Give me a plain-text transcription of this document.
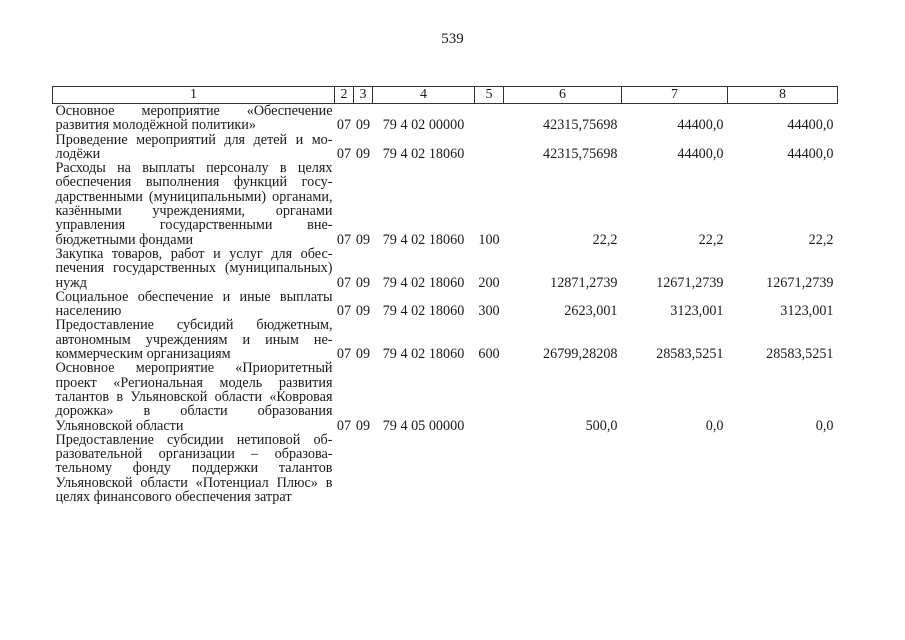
539
1	2	3	4	5	6	7	8
Основное мероприятие «Обеспечение развития молодёжной политики»	07	09	79 4 02 00000		42315,75698	44400,0	44400,0
Проведение мероприятий для детей и молодёжи	07	09	79 4 02 18060		42315,75698	44400,0	44400,0
Расходы на выплаты персоналу в целях обеспечения выполнения функций государственными (муниципальными) органами, казёнными учреждениями, органами управления государственными внебюджетными фондами	07	09	79 4 02 18060	100	22,2	22,2	22,2
Закупка товаров, работ и услуг для обеспечения государственных (муниципальных) нужд	07	09	79 4 02 18060	200	12871,2739	12671,2739	12671,2739
Социальное обеспечение и иные выплаты населению	07	09	79 4 02 18060	300	2623,001	3123,001	3123,001
Предоставление субсидий бюджетным, автономным учреждениям и иным некоммерческим организациям	07	09	79 4 02 18060	600	26799,28208	28583,5251	28583,5251
Основное мероприятие «Приоритетный проект «Региональная модель развития талантов в Ульяновской области «Ковровая дорожка» в области образования Ульяновской области	07	09	79 4 05 00000		500,0	0,0	0,0
Предоставление субсидии нетиповой образовательной организации – образовательному фонду поддержки талантов Ульяновской области «Потенциал Плюс» в целях финансового обеспечения затрат							
